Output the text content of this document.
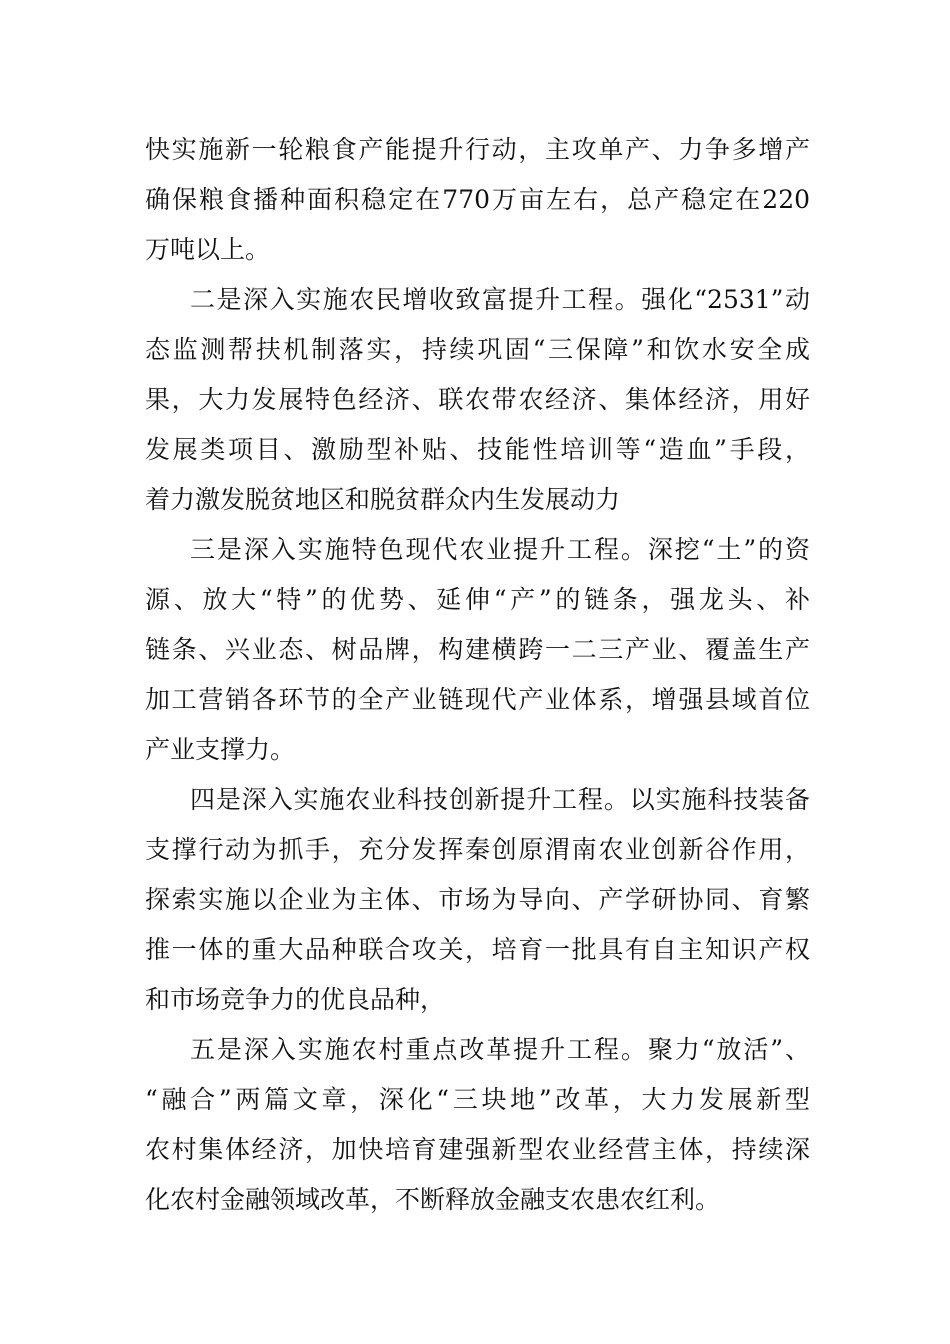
快实施新一轮粮食产能提升行动，主攻单产、力争多增产
确保粮食播种面积稳定在770万亩左右，总产稳定在220
万吨以上。
二是深入实施农民增收致富提升工程。强化“2531”动
态监测帮扶机制落实，持续巩固“三保障”和饮水安全成
果，大力发展特色经济、联农带农经济、集体经济，用好
发展类项目、激励型补贴、技能性培训等“造血”手段，
着力激发脱贫地区和脱贫群众内生发展动力
三是深入实施特色现代农业提升工程。深挖“土”的资
源、放大“特”的优势、延伸“产”的链条，强龙头、补
链条、兴业态、树品牌，构建横跨一二三产业、覆盖生产
加工营销各环节的全产业链现代产业体系，增强县域首位
产业支撑力。
四是深入实施农业科技创新提升工程。以实施科技装备
支撑行动为抓手，充分发挥秦创原渭南农业创新谷作用，
探索实施以企业为主体、市场为导向、产学研协同、育繁
推一体的重大品种联合攻关，培育一批具有自主知识产权
和市场竞争力的优良品种，
五是深入实施农村重点改革提升工程。聚力“放活”、
“融合”两篇文章，深化“三块地”改革，大力发展新型
农村集体经济，加快培育建强新型农业经营主体，持续深
化农村金融领域改革，不断释放金融支农患农红利。
